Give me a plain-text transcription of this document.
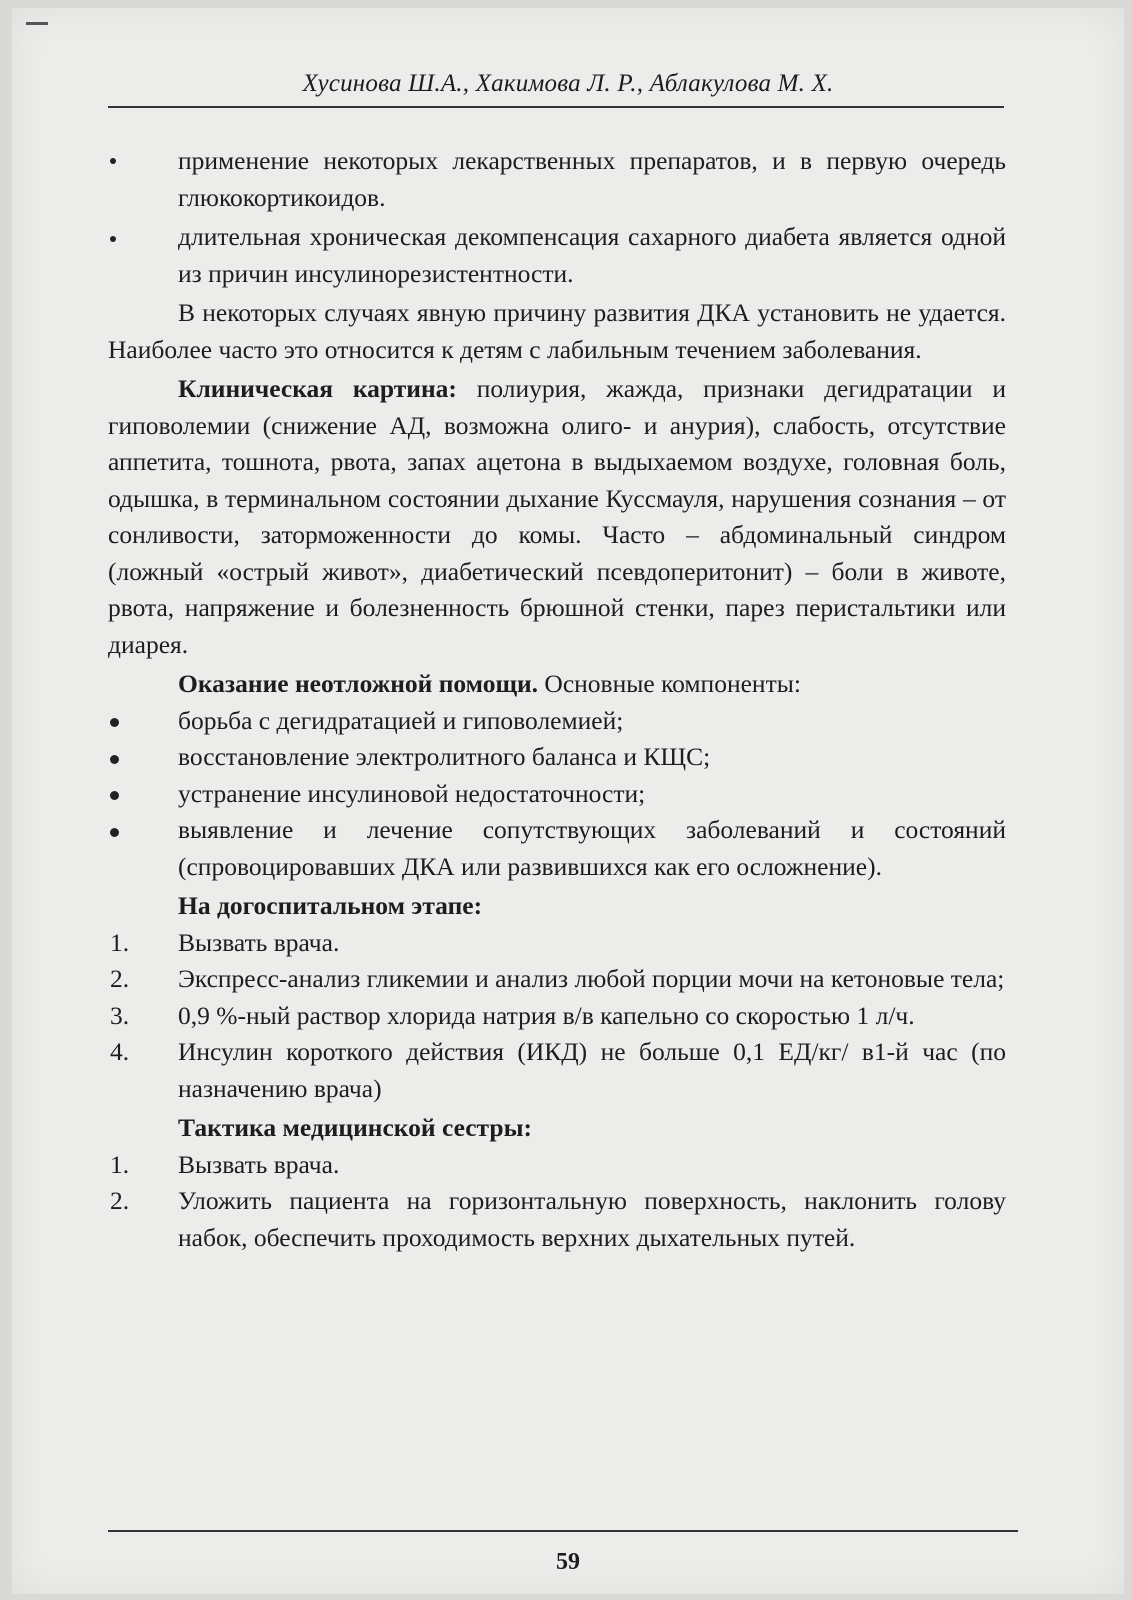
Хусинова Ш.А., Хакимова Л. Р., Аблакулова М. Х.

применение некоторых лекарственных препаратов, и в первую очередь глюкокортикоидов.

длительная хроническая декомпенсация сахарного диабета является одной из причин инсулинорезистентности.

В некоторых случаях явную причину развития ДКА установить не удается. Наиболее часто это относится к детям с лабильным течением заболевания.

Клиническая картина: полиурия, жажда, признаки дегидратации и гиповолемии (снижение АД, возможна олиго- и анурия), слабость, отсутствие аппетита, тошнота, рвота, запах ацетона в выдыхаемом воздухе, головная боль, одышка, в терминальном состоянии дыхание Куссмауля, нарушения сознания – от сонливости, заторможенности до комы. Часто – абдоминальный синдром (ложный «острый живот», диабетический псевдоперитонит) – боли в животе, рвота, напряжение и болезненность брюшной стенки, парез перистальтики или диарея.

Оказание неотложной помощи. Основные компоненты:

борьба с дегидратацией и гиповолемией;

восстановление электролитного баланса и КЩС;

устранение инсулиновой недостаточности;

выявление и лечение сопутствующих заболеваний и состояний (спровоцировавших ДКА или развившихся как его осложнение).

На догоспитальном этапе:

1.	Вызвать врача.

2.	Экспресс-анализ гликемии и анализ любой порции мочи на кетоновые тела;

3.	0,9 %-ный раствор хлорида натрия в/в капельно со скоростью 1 л/ч.

4.	Инсулин короткого действия (ИКД) не больше 0,1 ЕД/кг/ в1-й час (по назначению врача)

Тактика медицинской сестры:

1.	Вызвать врача.

2.	Уложить пациента на горизонтальную поверхность, наклонить голову набок, обеспечить проходимость верхних дыхательных путей.

59
